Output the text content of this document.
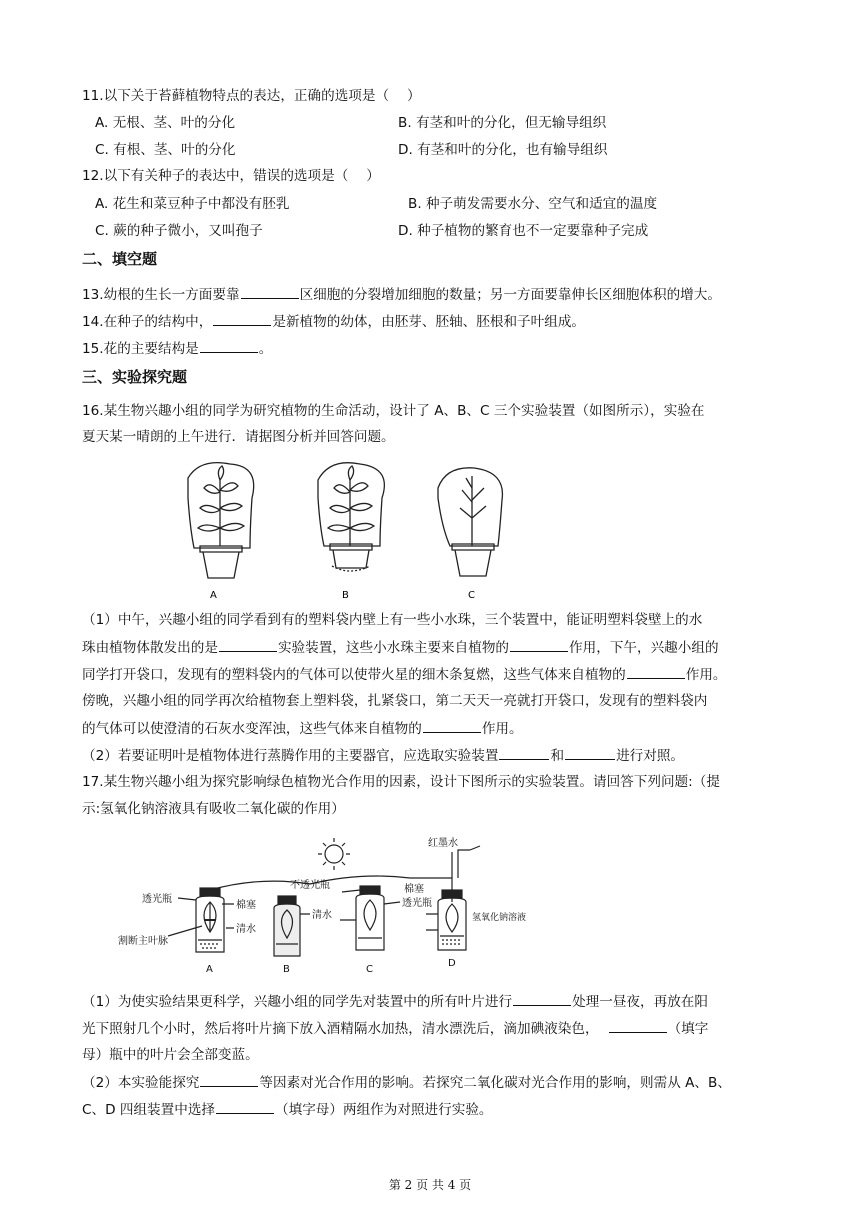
11.以下关于苔藓植物特点的表达，正确的选项是（　 ）
A. 无根、茎、叶的分化	B. 有茎和叶的分化，但无输导组织
C. 有根、茎、叶的分化	D. 有茎和叶的分化，也有输导组织
12.以下有关种子的表达中，错误的选项是（　 ）
A. 花生和菜豆种子中都没有胚乳	B. 种子萌发需要水分、空气和适宜的温度
C. 蕨的种子微小，又叫孢子	D. 种子植物的繁育也不一定要靠种子完成
二、填空题
13.幼根的生长一方面要靠	区细胞的分裂增加细胞的数量；另一方面要靠伸长区细胞体积的增大。
14.在种子的结构中，	是新植物的幼体，由胚芽、胚轴、胚根和子叶组成。
15.花的主要结构是	。
三、实验探究题
16.某生物兴趣小组的同学为研究植物的生命活动，设计了 A、B、C 三个实验装置（如图所示），实验在
夏天某一晴朗的上午进行．请据图分析并回答问题。
A	B	C
（1）中午，兴趣小组的同学看到有的塑料袋内壁上有一些小水珠，三个装置中，能证明塑料袋壁上的水
珠由植物体散发出的是	实验装置，这些小水珠主要来自植物的	作用，下午，兴趣小组的
同学打开袋口，发现有的塑料袋内的气体可以使带火星的细木条复燃，这些气体来自植物的	作用。
傍晚，兴趣小组的同学再次给植物套上塑料袋，扎紧袋口，第二天天一亮就打开袋口，发现有的塑料袋内
的气体可以使澄清的石灰水变浑浊，这些气体来自植物的	作用。
（2）若要证明叶是植物体进行蒸腾作用的主要器官，应选取实验装置	和	进行对照。
17.某生物兴趣小组为探究影响绿色植物光合作用的因素，设计下图所示的实验装置。请回答下列问题:（提
示:氢氧化钠溶液具有吸收二氧化碳的作用）
红墨水
透光瓶
棉塞
不透光瓶	棉塞
透光瓶
清水
清水
割断主叶脉
氢氧化钠溶液
A	B	C
D
（1）为使实验结果更科学，兴趣小组的同学先对装置中的所有叶片进行	处理一昼夜，再放在阳
光下照射几个小时，然后将叶片摘下放入酒精隔水加热，清水漂洗后，滴加碘液染色，	（填字
母）瓶中的叶片会全部变蓝。
（2）本实验能探究	等因素对光合作用的影响。若探究二氧化碳对光合作用的影响，则需从 A、B、
C、D 四组装置中选择	（填字母）两组作为对照进行实验。
第 2 页 共 4 页
